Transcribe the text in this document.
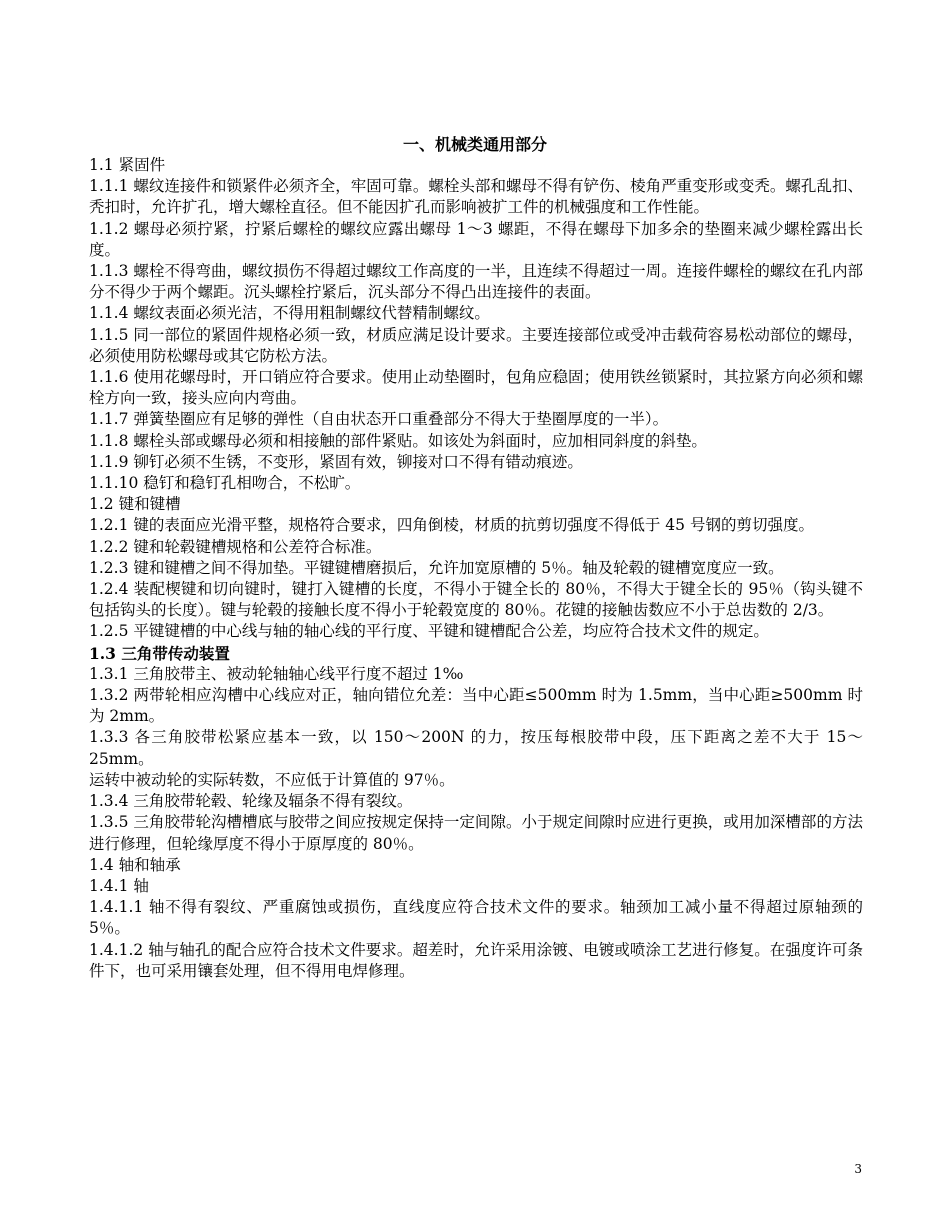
一、机械类通用部分

1.1 紧固件

1.1.1 螺纹连接件和锁紧件必须齐全，牢固可靠。螺栓头部和螺母不得有铲伤、棱角严重变形或变秃。螺孔乱扣、秃扣时，允许扩孔，增大螺栓直径。但不能因扩孔而影响被扩工件的机械强度和工作性能。

1.1.2 螺母必须拧紧，拧紧后螺栓的螺纹应露出螺母 1～3 螺距，不得在螺母下加多余的垫圈来减少螺栓露出长度。

1.1.3 螺栓不得弯曲，螺纹损伤不得超过螺纹工作高度的一半，且连续不得超过一周。连接件螺栓的螺纹在孔内部分不得少于两个螺距。沉头螺栓拧紧后，沉头部分不得凸出连接件的表面。

1.1.4 螺纹表面必须光洁，不得用粗制螺纹代替精制螺纹。

1.1.5 同一部位的紧固件规格必须一致，材质应满足设计要求。主要连接部位或受冲击载荷容易松动部位的螺母，必须使用防松螺母或其它防松方法。

1.1.6 使用花螺母时，开口销应符合要求。使用止动垫圈时，包角应稳固；使用铁丝锁紧时，其拉紧方向必须和螺栓方向一致，接头应向内弯曲。

1.1.7 弹簧垫圈应有足够的弹性（自由状态开口重叠部分不得大于垫圈厚度的一半）。

1.1.8 螺栓头部或螺母必须和相接触的部件紧贴。如该处为斜面时，应加相同斜度的斜垫。

1.1.9 铆钉必须不生锈，不变形，紧固有效，铆接对口不得有错动痕迹。

1.1.10 稳钉和稳钉孔相吻合，不松旷。

1.2 键和键槽

1.2.1 键的表面应光滑平整，规格符合要求，四角倒棱，材质的抗剪切强度不得低于 45 号钢的剪切强度。

1.2.2 键和轮毂键槽规格和公差符合标准。

1.2.3 键和键槽之间不得加垫。平键键槽磨损后，允许加宽原槽的 5％。轴及轮毂的键槽宽度应一致。

1.2.4 装配楔键和切向键时，键打入键槽的长度，不得小于键全长的 80％，不得大于键全长的 95％（钩头键不包括钩头的长度）。键与轮毂的接触长度不得小于轮毂宽度的 80％。花键的接触齿数应不小于总齿数的 2/3。

1.2.5 平键键槽的中心线与轴的轴心线的平行度、平键和键槽配合公差，均应符合技术文件的规定。

1.3 三角带传动装置

1.3.1 三角胶带主、被动轮轴轴心线平行度不超过 1‰

1.3.2 两带轮相应沟槽中心线应对正，轴向错位允差：当中心距≤500mm 时为 1.5mm，当中心距≥500mm 时为 2mm。

1.3.3 各三角胶带松紧应基本一致，以 150～200N 的力，按压每根胶带中段，压下距离之差不大于 15～25mm。

运转中被动轮的实际转数，不应低于计算值的 97％。

1.3.4 三角胶带轮毂、轮缘及辐条不得有裂纹。

1.3.5 三角胶带轮沟槽槽底与胶带之间应按规定保持一定间隙。小于规定间隙时应进行更换，或用加深槽部的方法进行修理，但轮缘厚度不得小于原厚度的 80％。

1.4 轴和轴承

1.4.1 轴

1.4.1.1 轴不得有裂纹、严重腐蚀或损伤，直线度应符合技术文件的要求。轴颈加工减小量不得超过原轴颈的 5％。

1.4.1.2 轴与轴孔的配合应符合技术文件要求。超差时，允许采用涂镀、电镀或喷涂工艺进行修复。在强度许可条件下，也可采用镶套处理，但不得用电焊修理。

3
